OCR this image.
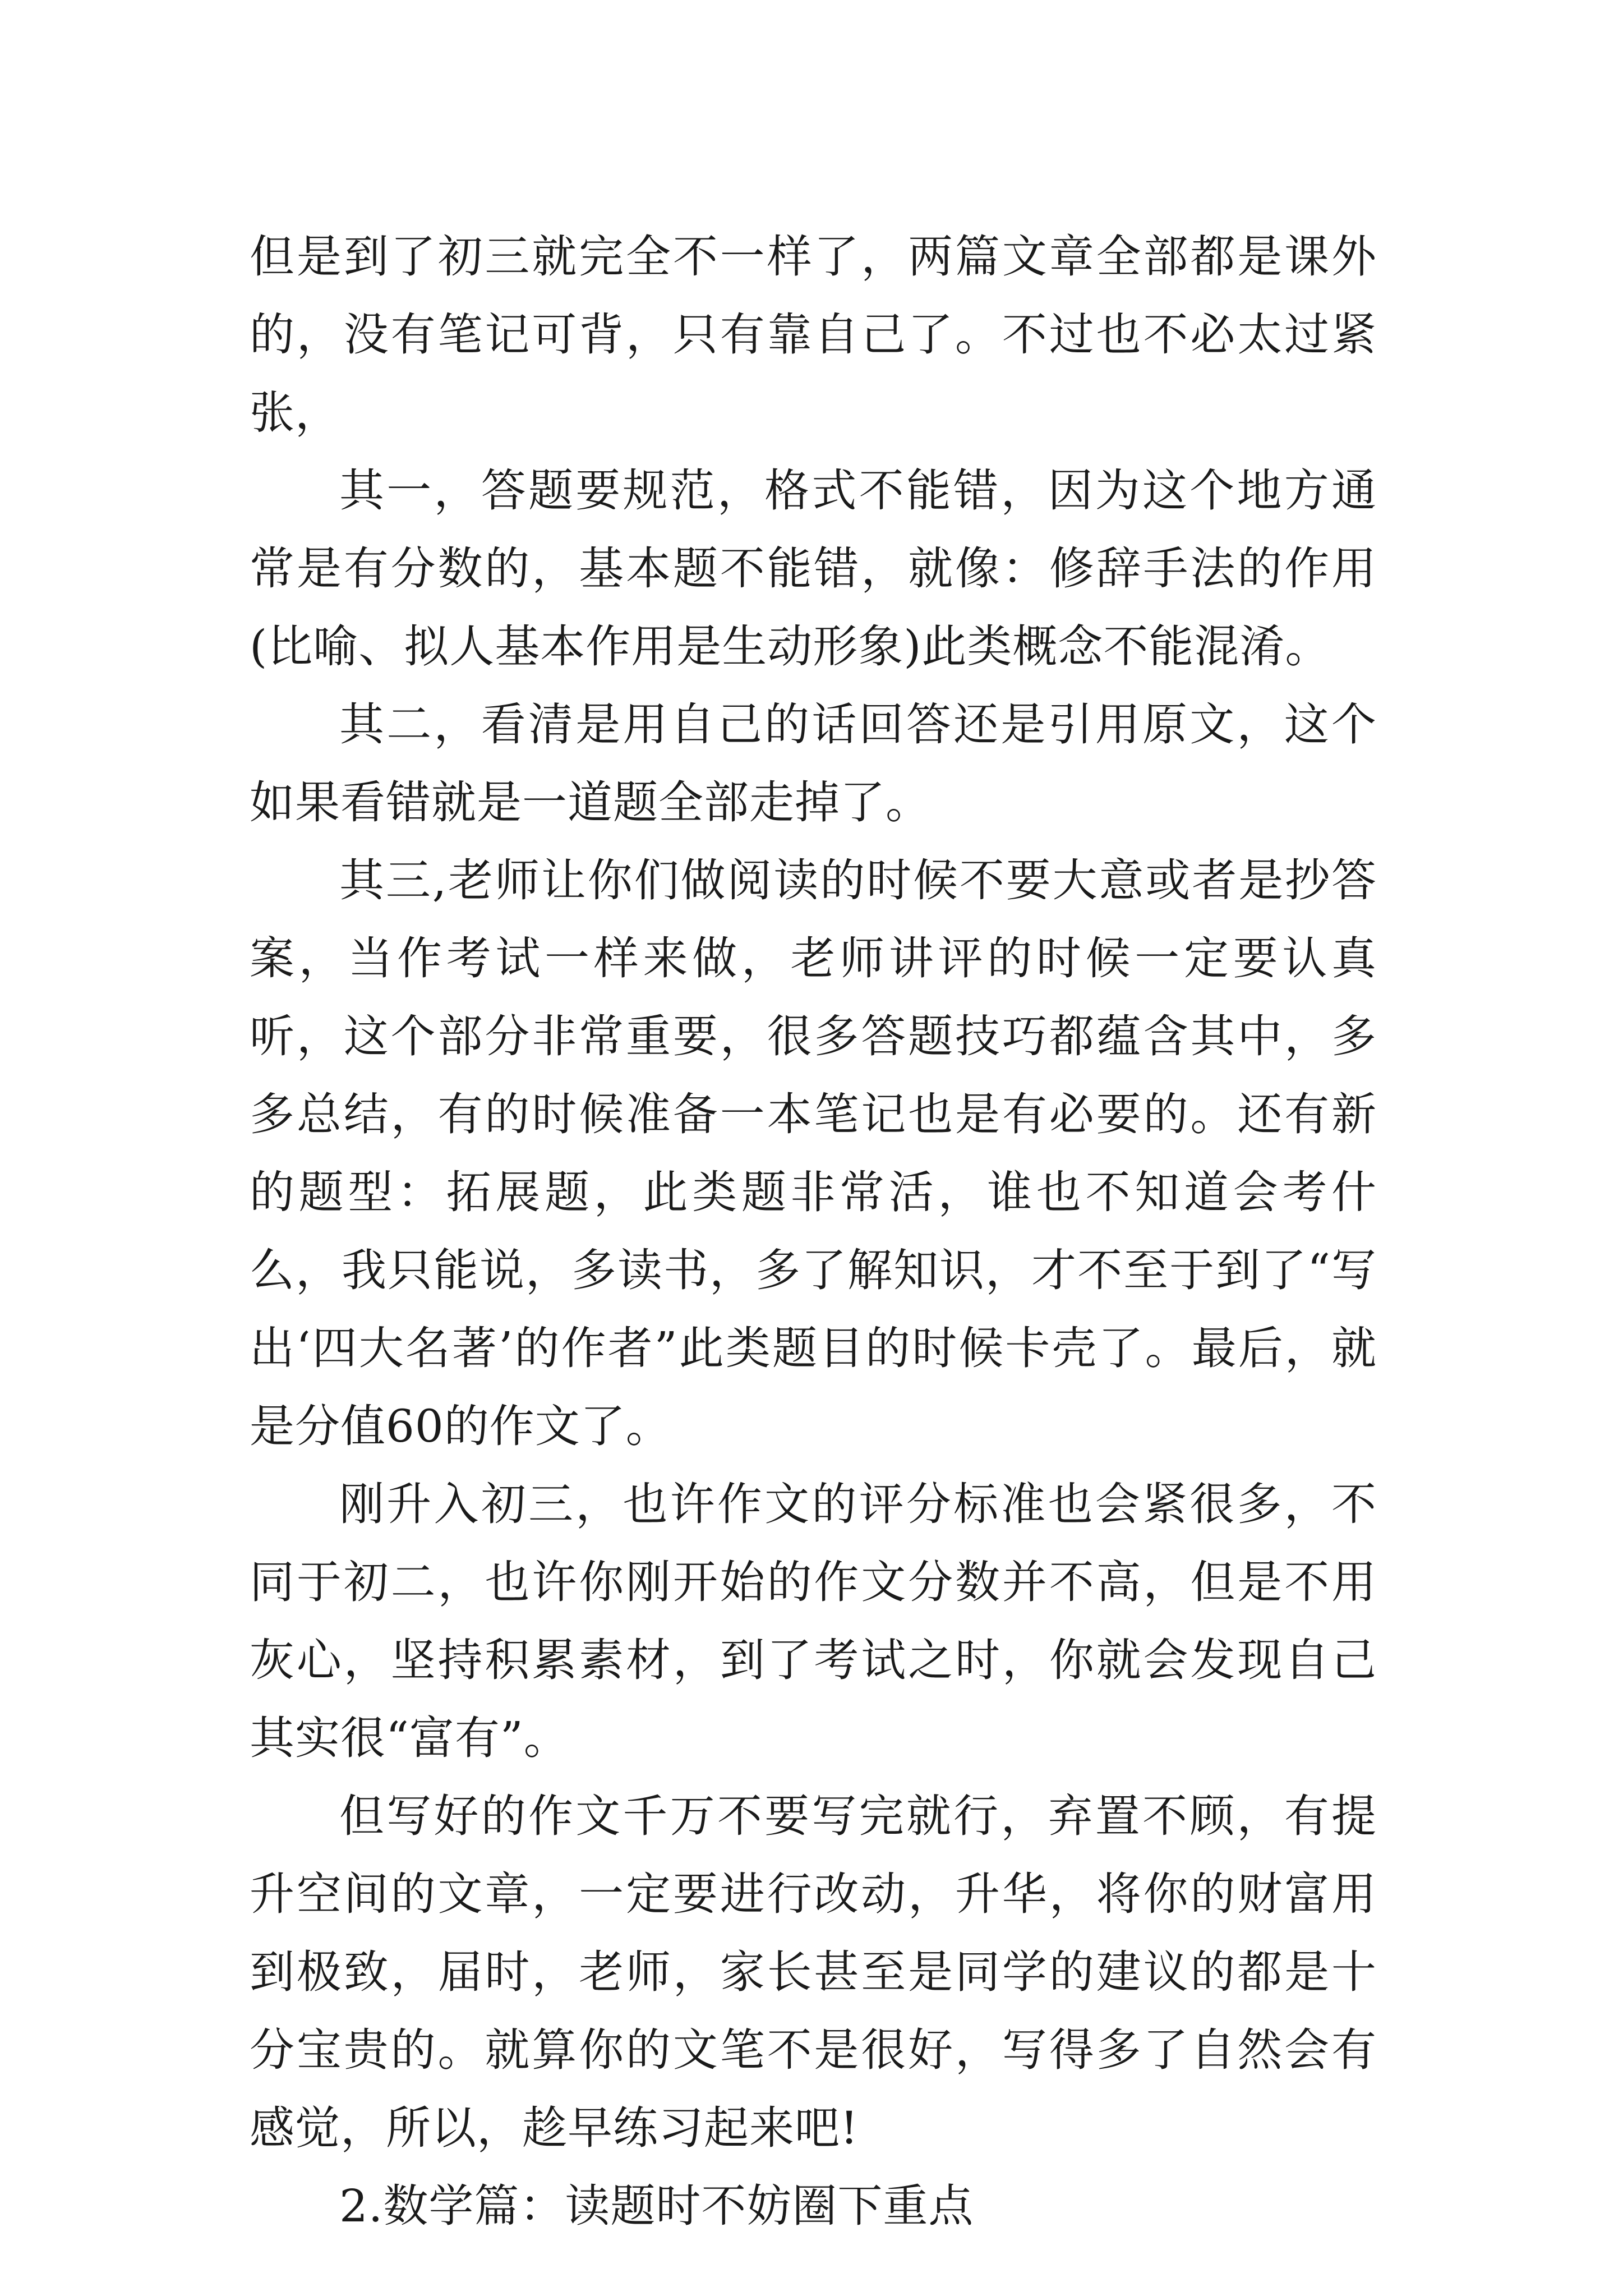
但是到了初三就完全不一样了，两篇文章全部都是课外的，没有笔记可背，只有靠自己了。不过也不必太过紧张，

其一，答题要规范，格式不能错，因为这个地方通常是有分数的，基本题不能错，就像：修辞手法的作用(比喻、拟人基本作用是生动形象)此类概念不能混淆。

其二，看清是用自己的话回答还是引用原文，这个如果看错就是一道题全部走掉了。

其三,老师让你们做阅读的时候不要大意或者是抄答案，当作考试一样来做，老师讲评的时候一定要认真听，这个部分非常重要，很多答题技巧都蕴含其中，多多总结，有的时候准备一本笔记也是有必要的。还有新的题型：拓展题，此类题非常活，谁也不知道会考什么，我只能说，多读书，多了解知识，才不至于到了“写出‘四大名著’的作者”此类题目的时候卡壳了。最后，就是分值60的作文了。

刚升入初三，也许作文的评分标准也会紧很多，不同于初二，也许你刚开始的作文分数并不高，但是不用灰心，坚持积累素材，到了考试之时，你就会发现自己其实很“富有”。

但写好的作文千万不要写完就行，弃置不顾，有提升空间的文章，一定要进行改动，升华，将你的财富用到极致，届时，老师，家长甚至是同学的建议的都是十分宝贵的。就算你的文笔不是很好，写得多了自然会有感觉，所以，趁早练习起来吧!

2.数学篇：读题时不妨圈下重点
